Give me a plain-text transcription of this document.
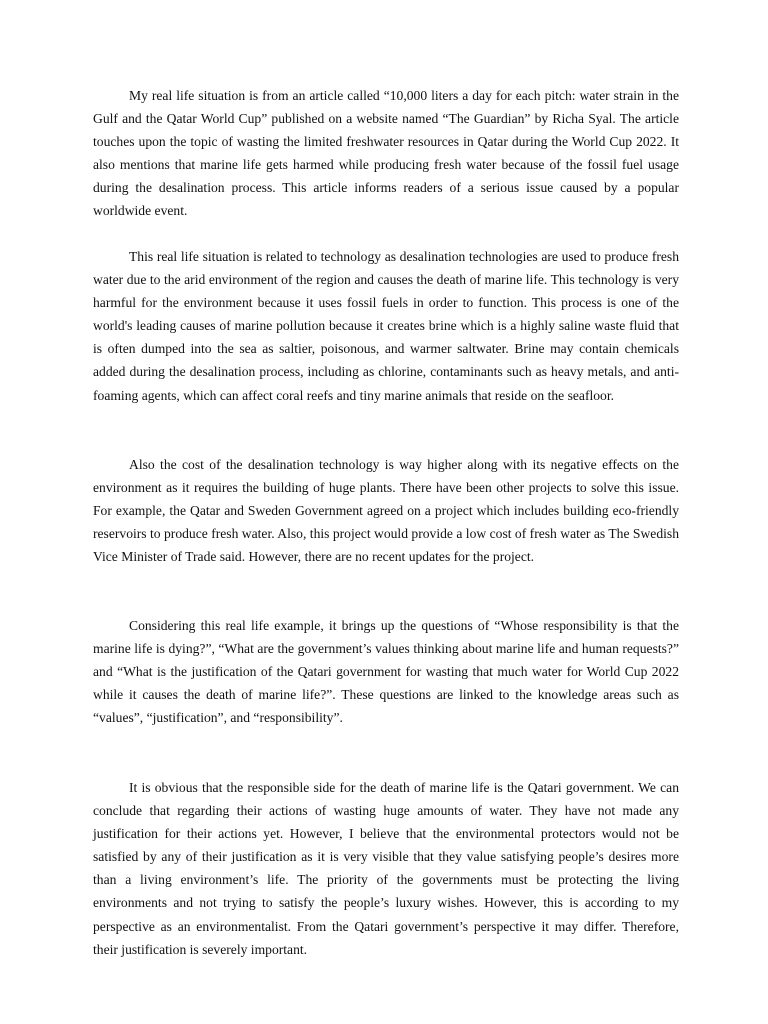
My real life situation is from an article called “10,000 liters a day for each pitch: water strain in the Gulf and the Qatar World Cup” published on a website named “The Guardian” by Richa Syal. The article touches upon the topic of wasting the limited freshwater resources in Qatar during the World Cup 2022. It also mentions that marine life gets harmed while producing fresh water because of the fossil fuel usage during the desalination process. This article informs readers of a serious issue caused by a popular worldwide event.

This real life situation is related to technology as desalination technologies are used to produce fresh water due to the arid environment of the region and causes the death of marine life. This technology is very harmful for the environment because it uses fossil fuels in order to function. This process is one of the world's leading causes of marine pollution because it creates brine which is a highly saline waste fluid that is often dumped into the sea as saltier, poisonous, and warmer saltwater. Brine may contain chemicals added during the desalination process, including as chlorine, contaminants such as heavy metals, and anti-foaming agents, which can affect coral reefs and tiny marine animals that reside on the seafloor.

Also the cost of the desalination technology is way higher along with its negative effects on the environment as it requires the building of huge plants. There have been other projects to solve this issue. For example, the Qatar and Sweden Government agreed on a project which includes building eco-friendly reservoirs to produce fresh water. Also, this project would provide a low cost of fresh water as The Swedish Vice Minister of Trade said. However, there are no recent updates for the project.

Considering this real life example, it brings up the questions of “Whose responsibility is that the marine life is dying?”, “What are the government’s values thinking about marine life and human requests?” and “What is the justification of the Qatari government for wasting that much water for World Cup 2022 while it causes the death of marine life?”. These questions are linked to the knowledge areas such as “values”, “justification”, and “responsibility”.

It is obvious that the responsible side for the death of marine life is the Qatari government. We can conclude that regarding their actions of wasting huge amounts of water. They have not made any justification for their actions yet. However, I believe that the environmental protectors would not be satisfied by any of their justification as it is very visible that they value satisfying people’s desires more than a living environment’s life. The priority of the governments must be protecting the living environments and not trying to satisfy the people’s luxury wishes. However, this is according to my perspective as an environmentalist. From the Qatari government’s perspective it may differ. Therefore, their justification is severely important.
